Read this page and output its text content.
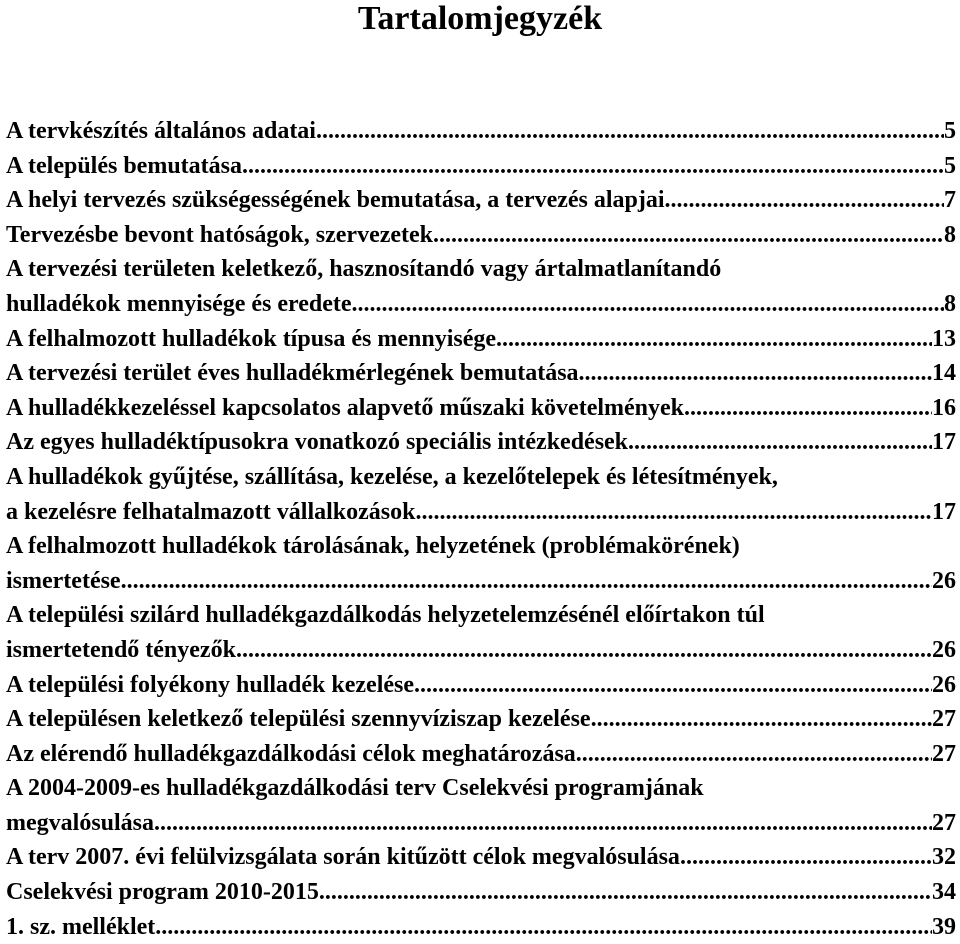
Tartalomjegyzék
A tervkészítés általános adatai .....	5
A település bemutatása .....	5
A helyi tervezés szükségességének bemutatása, a tervezés alapjai .....	7
Tervezésbe bevont hatóságok, szervezetek .....	8
A tervezési területen keletkező, hasznosítandó vagy ártalmatlanítandó
hulladékok mennyisége és eredete .....	8
A felhalmozott hulladékok típusa és mennyisége .....	13
A tervezési terület éves hulladékmérlegének bemutatása .....	14
A hulladékkezeléssel kapcsolatos alapvető műszaki követelmények .....	16
Az egyes hulladéktípusokra vonatkozó speciális intézkedések .....	17
A hulladékok gyűjtése, szállítása, kezelése, a kezelőtelepek és létesítmények,
a kezelésre felhatalmazott vállalkozások .....	17
A felhalmozott hulladékok tárolásának, helyzetének (problémakörének)
ismertetése .....	26
A települési szilárd hulladékgazdálkodás helyzetelemzésénél előírtakon túl
ismertetendő tényezők .....	26
A települési folyékony hulladék kezelése .....	26
A településen keletkező települési szennyvíziszap kezelése .....	27
Az elérendő hulladékgazdálkodási célok meghatározása .....	27
A 2004-2009-es hulladékgazdálkodási terv Cselekvési programjának
megvalósulása .....	27
A terv 2007. évi felülvizsgálata során kitűzött célok megvalósulása .....	32
Cselekvési program 2010-2015. .....	34
1. sz. melléklet .....	39
